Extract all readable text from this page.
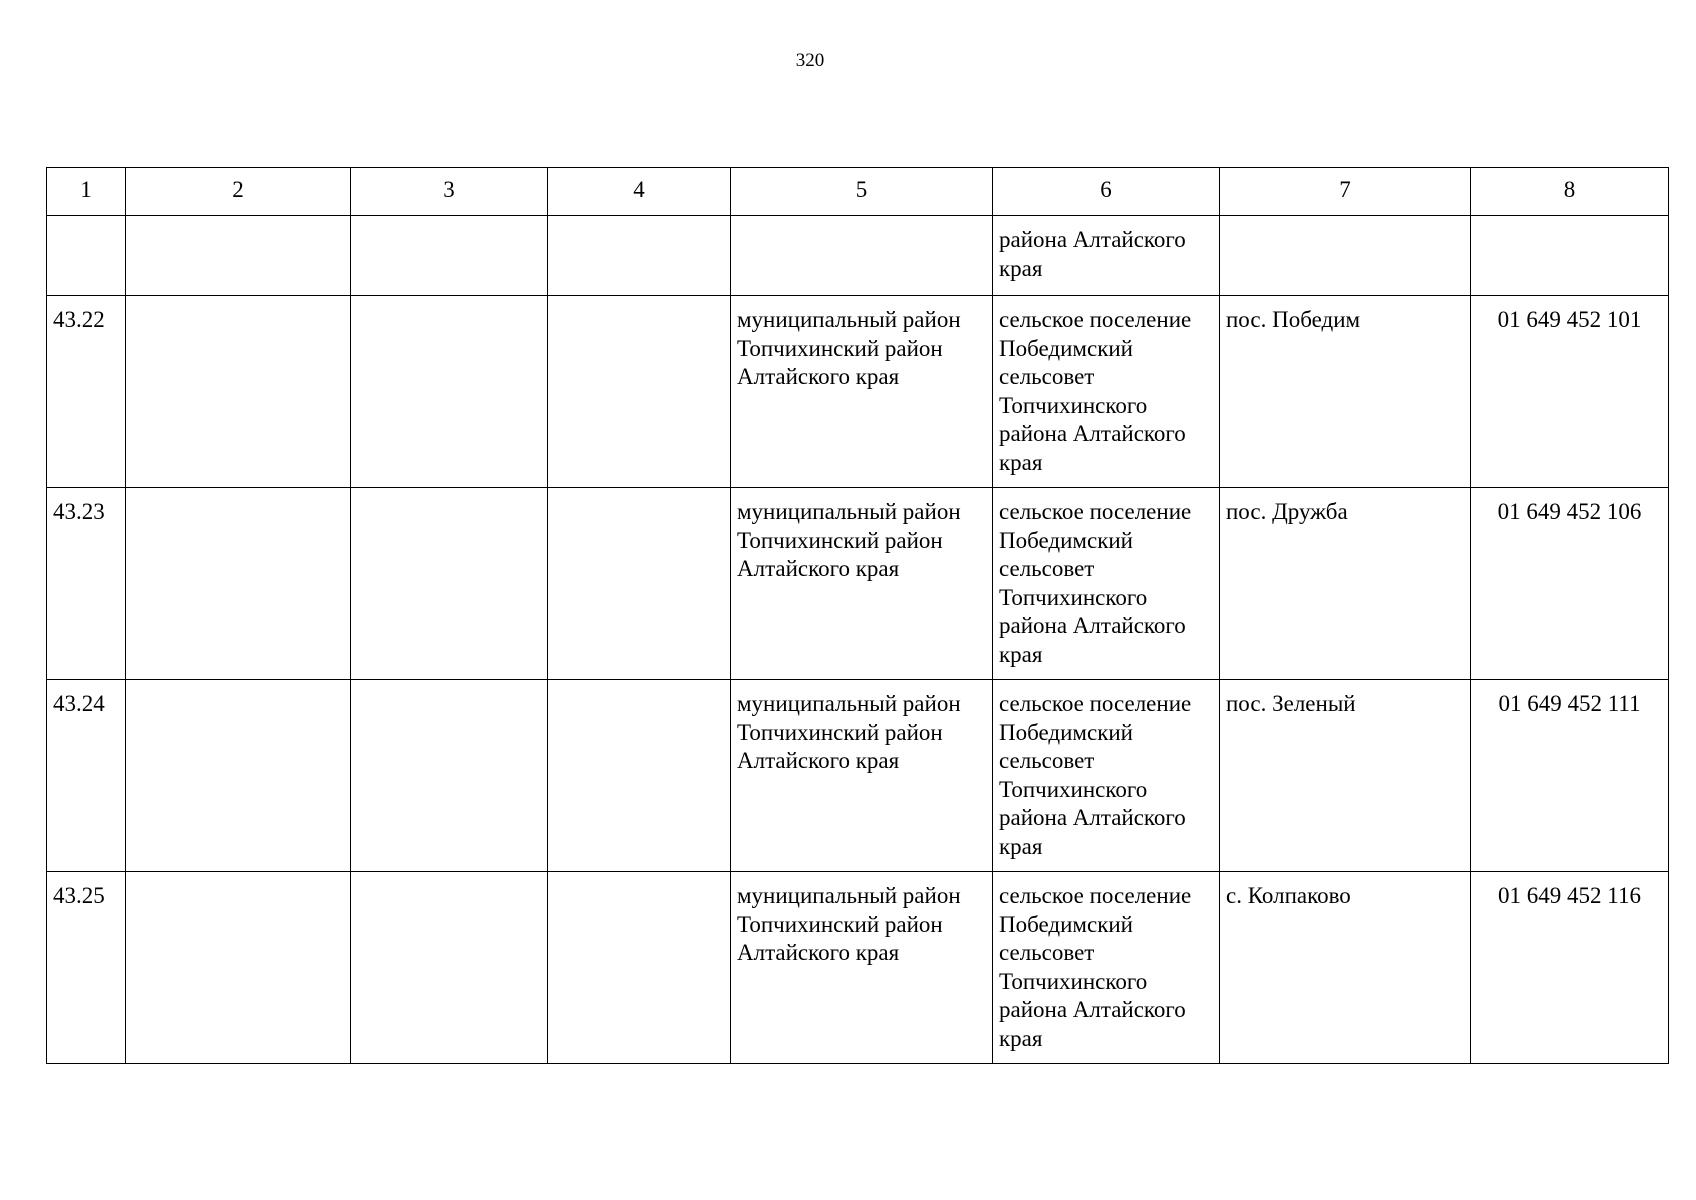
320
1	2	3	4	5	6	7	8
					района Алтайского края		
43.22				муниципальный район Топчихинский район Алтайского края	сельское поселение Победимский сельсовет Топчихинского района Алтайского края	пос. Победим	01 649 452 101
43.23				муниципальный район Топчихинский район Алтайского края	сельское поселение Победимский сельсовет Топчихинского района Алтайского края	пос. Дружба	01 649 452 106
43.24				муниципальный район Топчихинский район Алтайского края	сельское поселение Победимский сельсовет Топчихинского района Алтайского края	пос. Зеленый	01 649 452 111
43.25				муниципальный район Топчихинский район Алтайского края	сельское поселение Победимский сельсовет Топчихинского района Алтайского края	с. Колпаково	01 649 452 116
